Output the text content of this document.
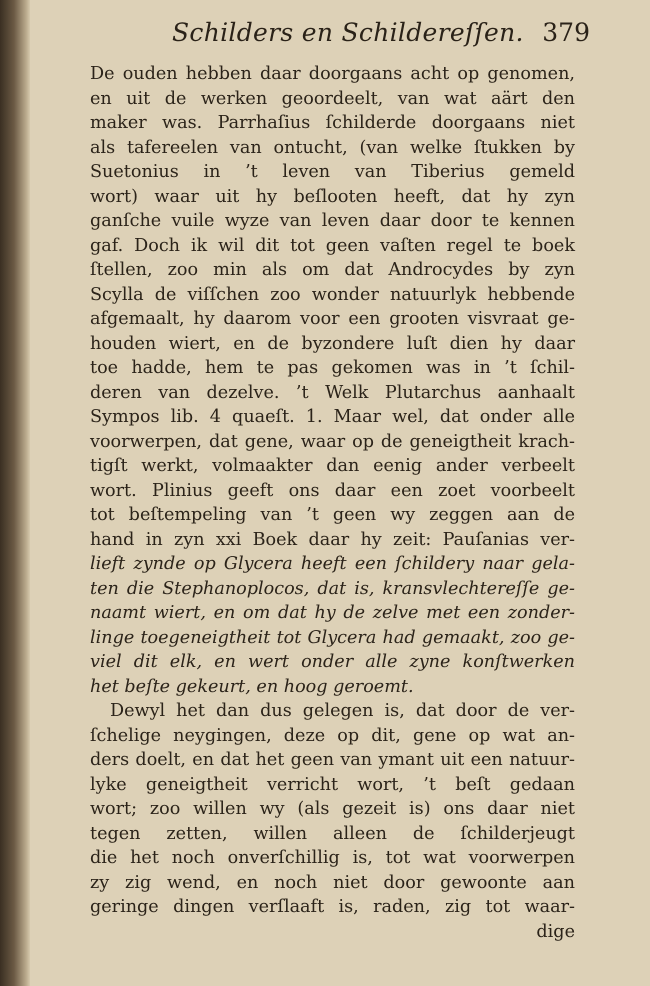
Schilders en Schildereſſen. 379
De ouden hebben daar doorgaans acht op genomen,
en uit de werken geoordeelt, van wat aärt den
maker was. Parrhaſius ſchilderde doorgaans niet
als tafereelen van ontucht, (van welke ſtukken by
Suetonius in ’t leven van Tiberius gemeld
wort) waar uit hy beſlooten heeft, dat hy zyn
ganſche vuile wyze van leven daar door te kennen
gaf. Doch ik wil dit tot geen vaſten regel te boek
ſtellen, zoo min als om dat Androcydes by zyn
Scylla de viſſchen zoo wonder natuurlyk hebbende
afgemaalt, hy daarom voor een grooten visvraat ge-
houden wiert, en de byzondere luſt dien hy daar
toe hadde, hem te pas gekomen was in ’t ſchil-
deren van dezelve. ’t Welk Plutarchus aanhaalt
Sympos lib. 4 quaeſt. 1. Maar wel, dat onder alle
voorwerpen, dat gene, waar op de geneigtheit krach-
tigſt werkt, volmaakter dan eenig ander verbeelt
wort. Plinius geeft ons daar een zoet voorbeelt
tot beſtempeling van ’t geen wy zeggen aan de
hand in zyn xxi Boek daar hy zeit: Pauſanias ver-
lieft zynde op Glycera heeft een ſchildery naar gela-
ten die Stephanoplocos, dat is, kransvlechtereſſe ge-
naamt wiert, en om dat hy de zelve met een zonder-
linge toegeneigtheit tot Glycera had gemaakt, zoo ge-
viel dit elk, en wert onder alle zyne konſtwerken
het beſte gekeurt, en hoog geroemt.
Dewyl het dan dus gelegen is, dat door de ver-
ſchelige neygingen, deze op dit, gene op wat an-
ders doelt, en dat het geen van ymant uit een natuur-
lyke geneigtheit verricht wort, ’t beſt gedaan
wort; zoo willen wy (als gezeit is) ons daar niet
tegen zetten, willen alleen de ſchilderjeugt
die het noch onverſchillig is, tot wat voorwerpen
zy zig wend, en noch niet door gewoonte aan
geringe dingen verſlaaft is, raden, zig tot waar-
dige
